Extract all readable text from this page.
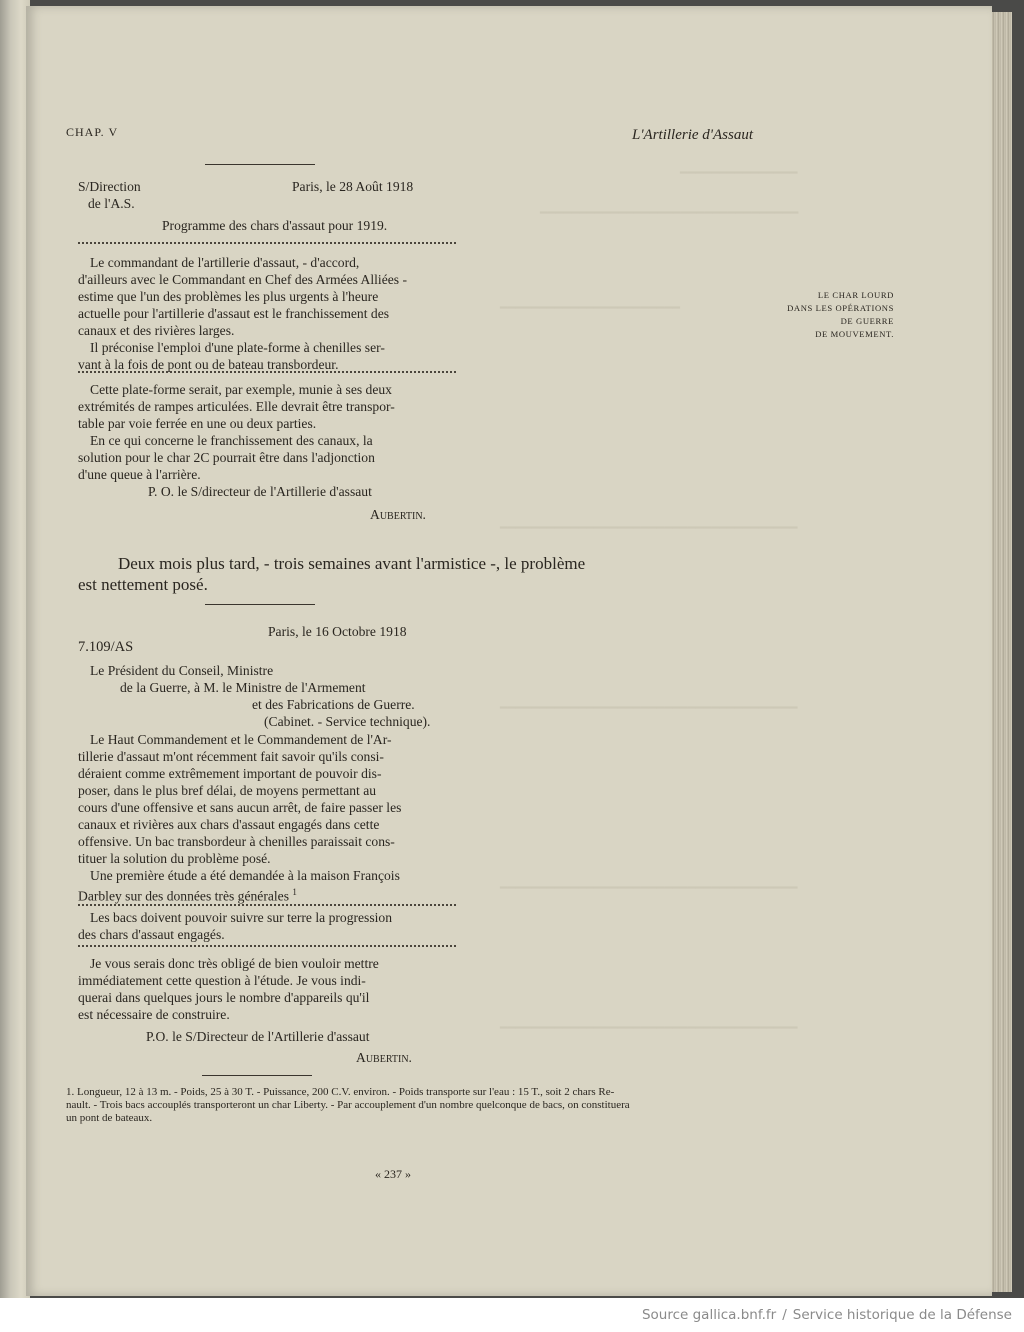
━━━━━━━━━━━━━━━
━━━━━━━━━━━━━━━━━━━━━━━━━━━━━━━━━
━━━━━━━━━━━━━━━━━━━━━━━
━━━━━━━━━━━━━━━━━━━━━━━━━━━━━━━━━━━━━━
━━━━━━━━━━━━━━━━━━━━━━━━━━━━━━━━━━━━━━
━━━━━━━━━━━━━━━━━━━━━━━━━━━━━━━━━━━━━━
━━━━━━━━━━━━━━━━━━━━━━━━━━━━━━━━━━━━━━
CHAP. V	L'Artillerie d'Assaut
LE CHAR LOURD
DANS LES OPÉRATIONS
DE GUERRE
DE MOUVEMENT.
S/Direction
de l'A.S.
Paris, le 28 Août 1918
Programme des chars d'assaut pour 1919.
Le commandant de l'artillerie d'assaut, - d'accord,
d'ailleurs avec le Commandant en Chef des Armées Alliées -
estime que l'un des problèmes les plus urgents à l'heure
actuelle pour l'artillerie d'assaut est le franchissement des
canaux et des rivières larges.
Il préconise l'emploi d'une plate-forme à chenilles ser-
vant à la fois de pont ou de bateau transbordeur.
Cette plate-forme serait, par exemple, munie à ses deux
extrémités de rampes articulées. Elle devrait être transpor-
table par voie ferrée en une ou deux parties.
En ce qui concerne le franchissement des canaux, la
solution pour le char 2C pourrait être dans l'adjonction
d'une queue à l'arrière.
P. O. le S/directeur de l'Artillerie d'assaut
Aubertin.
Deux mois plus tard, - trois semaines avant l'armistice -, le problème
est nettement posé.
Paris, le 16 Octobre 1918
7.109/AS
Le Président du Conseil, Ministre
de la Guerre, à M. le Ministre de l'Armement
et des Fabrications de Guerre.
(Cabinet. - Service technique).
Le Haut Commandement et le Commandement de l'Ar-
tillerie d'assaut m'ont récemment fait savoir qu'ils consi-
déraient comme extrêmement important de pouvoir dis-
poser, dans le plus bref délai, de moyens permettant au
cours d'une offensive et sans aucun arrêt, de faire passer les
canaux et rivières aux chars d'assaut engagés dans cette
offensive. Un bac transbordeur à chenilles paraissait cons-
tituer la solution du problème posé.
Une première étude a été demandée à la maison François
Darbley sur des données très générales $^1$
Les bacs doivent pouvoir suivre sur terre la progression
des chars d'assaut engagés.
Je vous serais donc très obligé de bien vouloir mettre
immédiatement cette question à l'étude. Je vous indi-
querai dans quelques jours le nombre d'appareils qu'il
est nécessaire de construire.
P.O. le S/Directeur de l'Artillerie d'assaut
Aubertin.
1. Longueur, 12 à 13 m. - Poids, 25 à 30 T. - Puissance, 200 C.V. environ. - Poids transporte sur l'eau : 15 T., soit 2 chars Re-
nault. - Trois bacs accouplés transporteront un char Liberty. - Par accouplement d'un nombre quelconque de bacs, on constituera
un pont de bateaux.
« 237 »
Source gallica.bnf.fr / Service historique de la Défense
